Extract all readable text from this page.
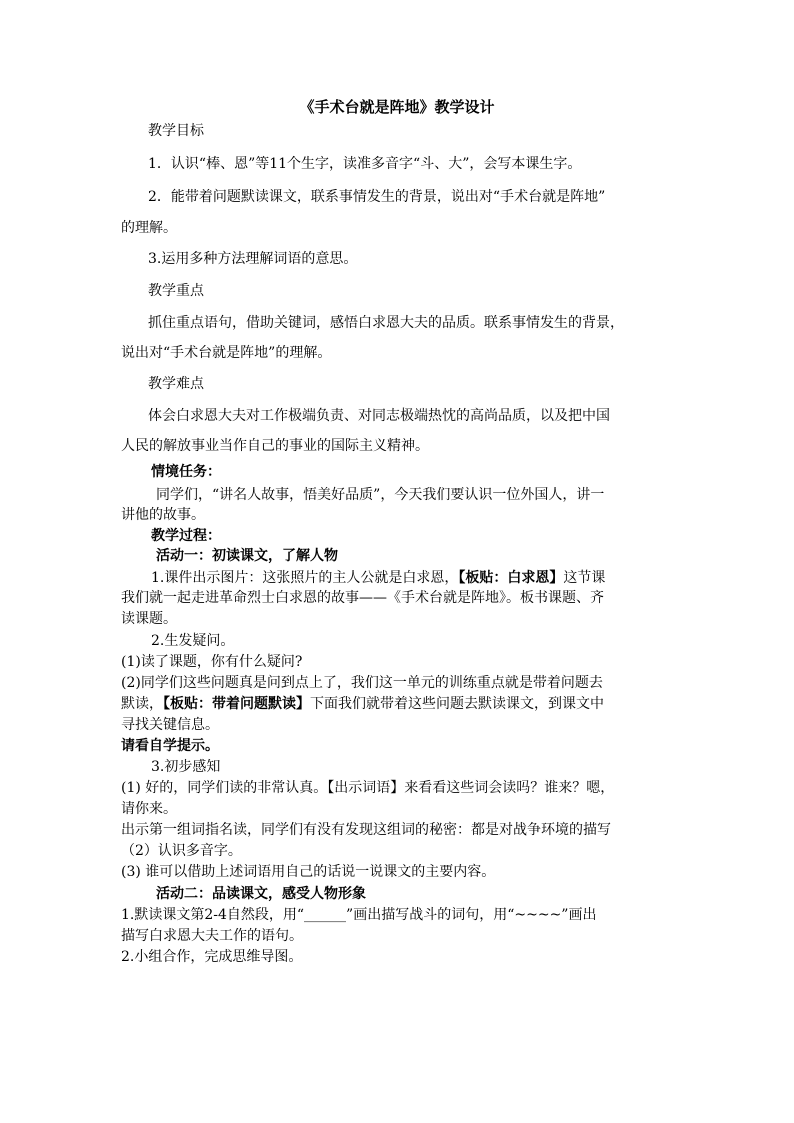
《手术台就是阵地》教学设计
教学目标
1．认识“棒、恩”等11个生字，读准多音字“斗、大”，会写本课生字。
2．能带着问题默读课文，联系事情发生的背景，说出对“手术台就是阵地”
的理解。
3.运用多种方法理解词语的意思。
教学重点
抓住重点语句，借助关键词，感悟白求恩大夫的品质。联系事情发生的背景，
说出对“手术台就是阵地”的理解。
教学难点
体会白求恩大夫对工作极端负责、对同志极端热忱的高尚品质，以及把中国
人民的解放事业当作自己的事业的国际主义精神。
情境任务：
同学们，“讲名人故事，悟美好品质”，今天我们要认识一位外国人，讲一
讲他的故事。
教学过程：
活动一：初读课文，了解人物
1.课件出示图片：这张照片的主人公就是白求恩，【板贴：白求恩】这节课
我们就一起走进革命烈士白求恩的故事——《手术台就是阵地》。板书课题、齐
读课题。
2.生发疑问。
(1)读了课题，你有什么疑问?
(2)同学们这些问题真是问到点上了，我们这一单元的训练重点就是带着问题去
默读，【板贴：带着问题默读】下面我们就带着这些问题去默读课文，到课文中
寻找关键信息。
请看自学提示。
3.初步感知
(1) 好的，同学们读的非常认真。【出示词语】来看看这些词会读吗？谁来？嗯，
请你来。
出示第一组词指名读，同学们有没有发现这组词的秘密：都是对战争环境的描写
（2）认识多音字。
(3) 谁可以借助上述词语用自己的话说一说课文的主要内容。
活动二：品读课文，感受人物形象
1.默读课文第2-4自然段，用“______”画出描写战斗的词句，用“~~~~”画出
描写白求恩大夫工作的语句。
2.小组合作，完成思维导图。
